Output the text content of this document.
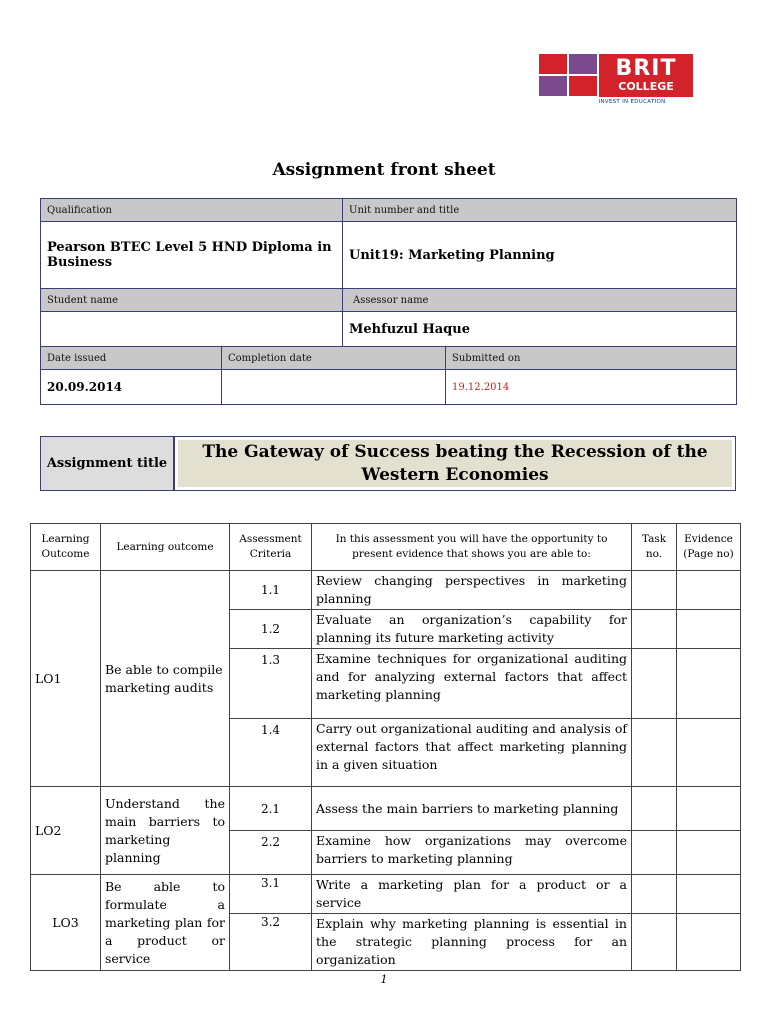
BRIT
COLLEGE
INVEST IN EDUCATION
Assignment front sheet
Qualification		Unit number and title	
Pearson BTEC Level 5 HND Diploma in Business		Unit19: Marketing Planning	
Student name		Assessor name	
		Mehfuzul Haque	
Date issued	Completion date		Submitted on
20.09.2014			19.12.2014
Assignment title
The Gateway of Success beating the Recession of the Western Economies
Learning Outcome	Learning outcome	Assessment Criteria	In this assessment you will have the opportunity to present evidence that shows you are able to:	Task no.	Evidence (Page no)
LO1	Be able to compile marketing audits	1.1	Review changing perspectives in marketing planning		
		1.2	Evaluate an organization’s capability for planning its future marketing activity		
		1.3	Examine techniques for organizational auditing and for analyzing external factors that affect marketing planning		
		1.4	Carry out organizational auditing and analysis of external factors that affect marketing planning in a given situation		
LO2	Understand the main barriers to marketing planning	2.1	Assess the main barriers to marketing planning		
		2.2	Examine how organizations may overcome barriers to marketing planning		
LO3	Be able to formulate a marketing plan for a product or service	3.1	Write a marketing plan for a product or a service		
		3.2	Explain why marketing planning is essential in the strategic planning process for an organization		
1
